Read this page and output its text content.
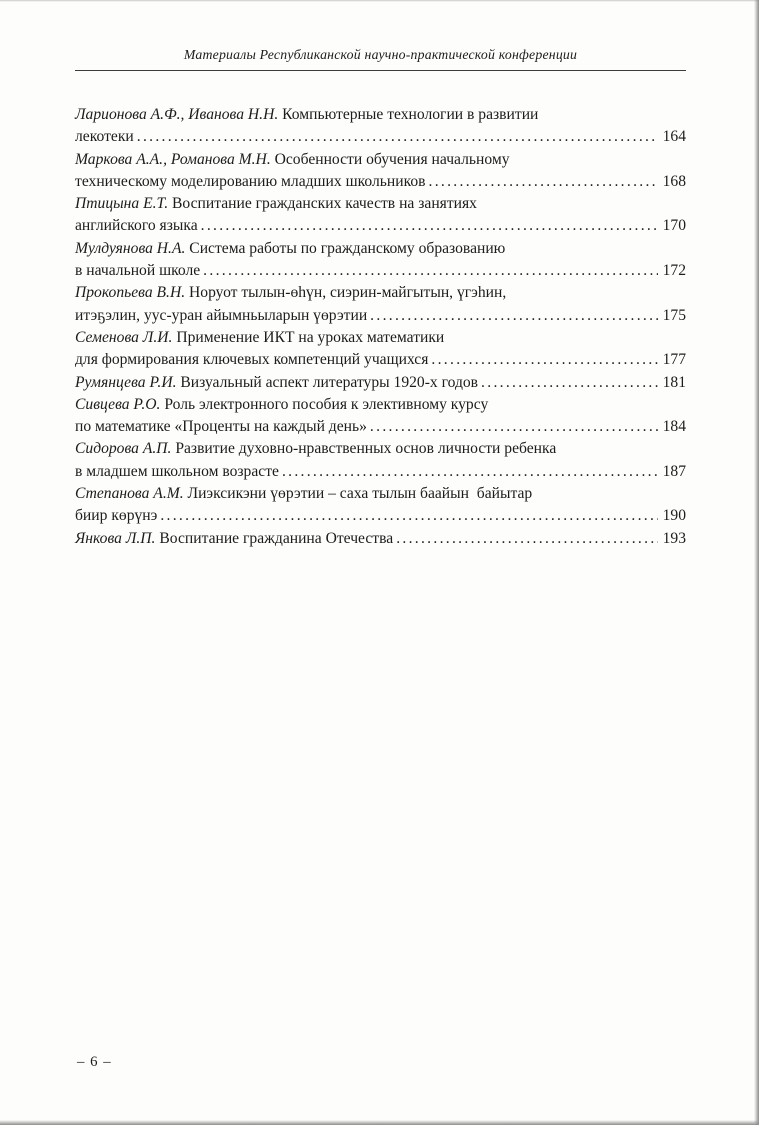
Материалы Республиканской научно-практической конференции
Ларионова А.Ф., Иванова Н.Н. Компьютерные технологии в развитии
лекотеки .....	164
Маркова А.А., Романова М.Н. Особенности обучения начальному
техническому моделированию младших школьников .....	168
Птицына Е.Т. Воспитание гражданских качеств на занятиях
английского языка .....	170
Мулдуянова Н.А. Система работы по гражданскому образованию
в начальной школе .....	172
Прокопьева В.Н. Норуот тылын-өһүн, сиэрин-майгытын, үгэһин,
итэҕэлин, уус-уран айымньыларын үөрэтии .....	175
Семенова Л.И. Применение ИКТ на уроках математики
для формирования ключевых компетенций учащихся .....	177
Румянцева Р.И. Визуальный аспект литературы 1920-х годов .....	181
Сивцева Р.О. Роль электронного пособия к элективному курсу
по математике «Проценты на каждый день» .....	184
Сидорова А.П. Развитие духовно-нравственных основ личности ребенка
в младшем школьном возрасте .....	187
Степанова А.М. Лиэксикэни үөрэтии – саха тылын баайын  байытар
биир көрүнэ .....	190
Янкова Л.П. Воспитание гражданина Отечества .....	193
– 6 –
